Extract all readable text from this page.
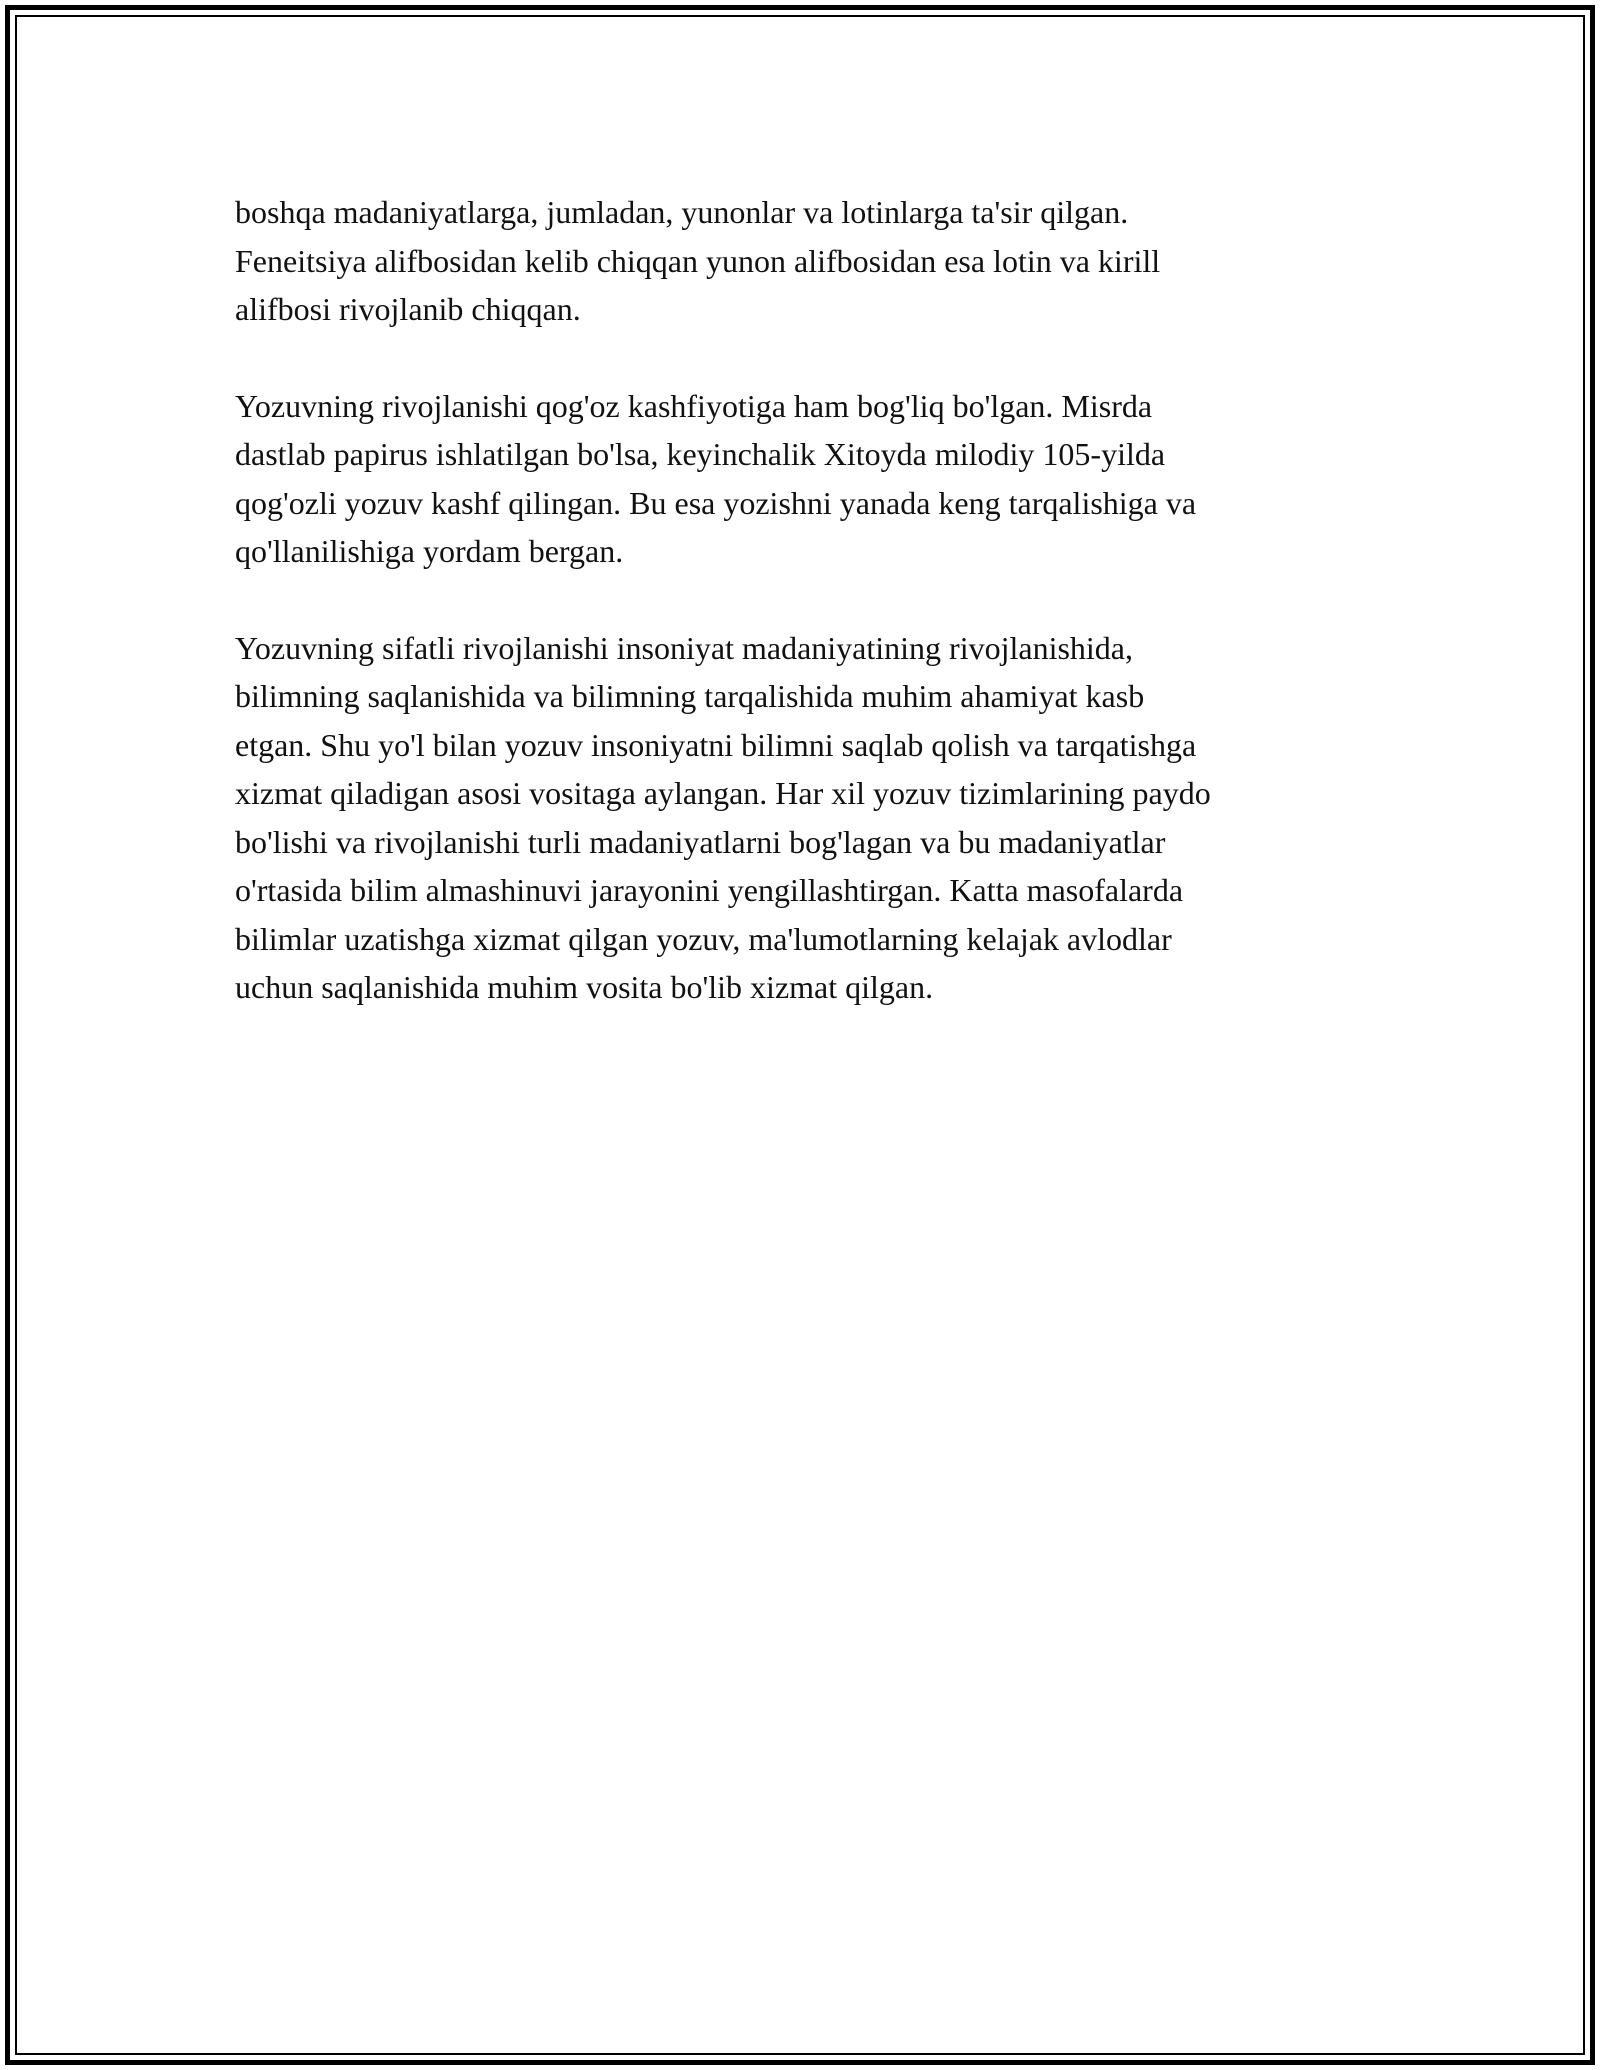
boshqa madaniyatlarga, jumladan, yunonlar va lotinlarga ta'sir qilgan.
Feneitsiya alifbosidan kelib chiqqan yunon alifbosidan esa lotin va kirill
alifbosi rivojlanib chiqqan.

Yozuvning rivojlanishi qog'oz kashfiyotiga ham bog'liq bo'lgan. Misrda
dastlab papirus ishlatilgan bo'lsa, keyinchalik Xitoyda milodiy 105-yilda
qog'ozli yozuv kashf qilingan. Bu esa yozishni yanada keng tarqalishiga va
qo'llanilishiga yordam bergan.

Yozuvning sifatli rivojlanishi insoniyat madaniyatining rivojlanishida,
bilimning saqlanishida va bilimning tarqalishida muhim ahamiyat kasb
etgan. Shu yo'l bilan yozuv insoniyatni bilimni saqlab qolish va tarqatishga
xizmat qiladigan asosi vositaga aylangan. Har xil yozuv tizimlarining paydo
bo'lishi va rivojlanishi turli madaniyatlarni bog'lagan va bu madaniyatlar
o'rtasida bilim almashinuvi jarayonini yengillashtirgan. Katta masofalarda
bilimlar uzatishga xizmat qilgan yozuv, ma'lumotlarning kelajak avlodlar
uchun saqlanishida muhim vosita bo'lib xizmat qilgan.
